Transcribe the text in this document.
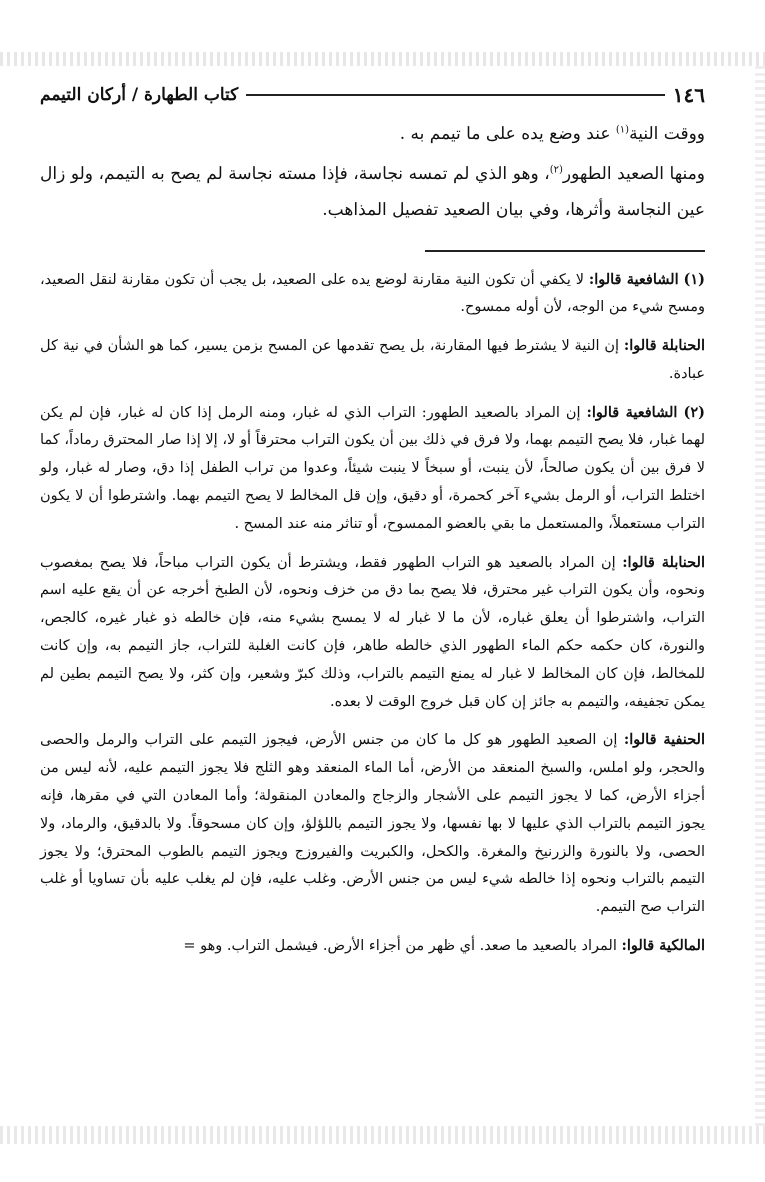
١٤٦
كتاب الطهارة / أركان التيمم

ووقت النية$^{(١)}$ عند وضع يده على ما تيمم به .

ومنها الصعيد الطهور$^{(٢)}$، وهو الذي لم تمسه نجاسة، فإذا مسته نجاسة لم يصح به التيمم، ولو زال عين النجاسة وأثرها، وفي بيان الصعيد تفصيل المذاهب.

(١) الشافعية قالوا: لا يكفي أن تكون النية مقارنة لوضع يده على الصعيد، بل يجب أن تكون مقارنة لنقل الصعيد، ومسح شيء من الوجه، لأن أوله ممسوح.

الحنابلة قالوا: إن النية لا يشترط فيها المقارنة، بل يصح تقدمها عن المسح بزمن يسير، كما هو الشأن في نية كل عبادة.

(٢) الشافعية قالوا: إن المراد بالصعيد الطهور: التراب الذي له غبار، ومنه الرمل إذا كان له غبار، فإن لم يكن لهما غبار، فلا يصح التيمم بهما، ولا فرق في ذلك بين أن يكون التراب محترقاً أو لا، إلا إذا صار المحترق رماداً، كما لا فرق بين أن يكون صالحاً، لأن ينبت، أو سبخاً لا ينبت شيئاً، وعدوا من تراب الطفل إذا دق، وصار له غبار، ولو اختلط التراب، أو الرمل بشيء آخر كحمرة، أو دقيق، وإن قل المخالط لا يصح التيمم بهما. واشترطوا أن لا يكون التراب مستعملاً، والمستعمل ما بقي بالعضو الممسوح، أو تناثر منه عند المسح .

الحنابلة قالوا: إن المراد بالصعيد هو التراب الطهور فقط، ويشترط أن يكون التراب مباحاً، فلا يصح بمغصوب ونحوه، وأن يكون التراب غير محترق، فلا يصح بما دق من خزف ونحوه، لأن الطبخ أخرجه عن أن يقع عليه اسم التراب، واشترطوا أن يعلق غباره، لأن ما لا غبار له لا يمسح بشيء منه، فإن خالطه ذو غبار غيره، كالجص، والنورة، كان حكمه حكم الماء الطهور الذي خالطه طاهر، فإن كانت الغلبة للتراب، جاز التيمم به، وإن كانت للمخالط، فإن كان المخالط لا غبار له يمنع التيمم بالتراب، وذلك كبرّ وشعير، وإن كثر، ولا يصح التيمم بطين لم يمكن تجفيفه، والتيمم به جائز إن كان قبل خروج الوقت لا بعده.

الحنفية قالوا: إن الصعيد الطهور هو كل ما كان من جنس الأرض، فيجوز التيمم على التراب والرمل والحصى والحجر، ولو املس، والسبخ المنعقد من الأرض، أما الماء المنعقد وهو الثلج فلا يجوز التيمم عليه، لأنه ليس من أجزاء الأرض، كما لا يجوز التيمم على الأشجار والزجاج والمعادن المنقولة؛ وأما المعادن التي في مقرها، فإنه يجوز التيمم بالتراب الذي عليها لا بها نفسها، ولا يجوز التيمم باللؤلؤ، وإن كان مسحوقاً. ولا بالدقيق، والرماد، ولا الحصى، ولا بالنورة والزرنيخ والمغرة. والكحل، والكبريت والفيروزج ويجوز التيمم بالطوب المحترق؛ ولا يجوز التيمم بالتراب ونحوه إذا خالطه شيء ليس من جنس الأرض. وغلب عليه، فإن لم يغلب عليه بأن تساويا أو غلب التراب صح التيمم.

المالكية قالوا: المراد بالصعيد ما صعد. أي ظهر من أجزاء الأرض. فيشمل التراب. وهو =
